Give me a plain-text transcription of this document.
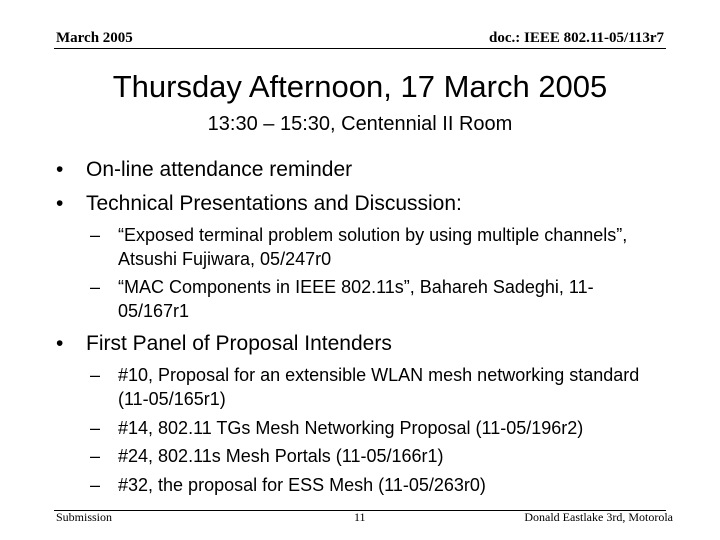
March 2005	doc.: IEEE 802.11-05/113r7
Thursday Afternoon, 17 March 2005
13:30 – 15:30, Centennial II Room
• On-line attendance reminder
• Technical Presentations and Discussion:
– “Exposed terminal problem solution by using multiple channels”, Atsushi Fujiwara, 05/247r0
– “MAC Components in IEEE 802.11s”, Bahareh Sadeghi, 11-05/167r1
• First Panel of Proposal Intenders
– #10, Proposal for an extensible WLAN mesh networking standard (11-05/165r1)
– #14, 802.11 TGs Mesh Networking Proposal (11-05/196r2)
– #24, 802.11s Mesh Portals (11-05/166r1)
– #32, the proposal for ESS Mesh (11-05/263r0)
Submission	11	Donald Eastlake 3rd, Motorola
